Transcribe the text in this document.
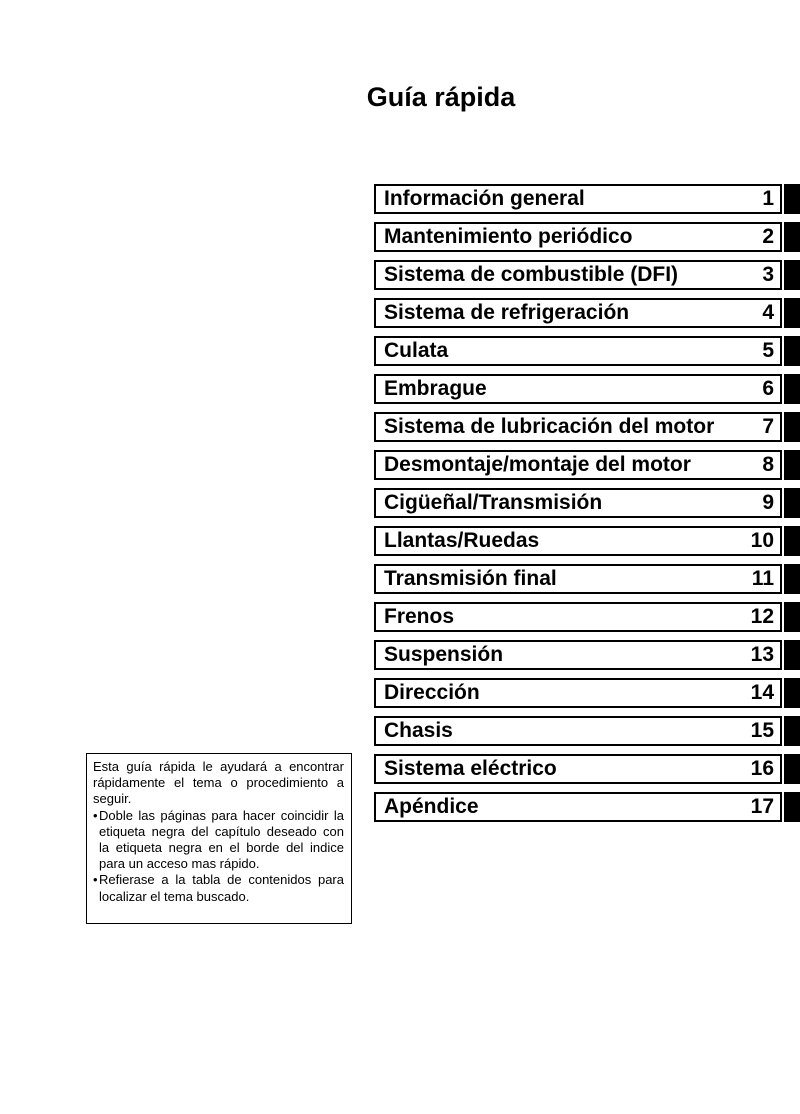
Guía rápida
Información general	1
Mantenimiento periódico	2
Sistema de combustible (DFI)	3
Sistema de refrigeración	4
Culata	5
Embrague	6
Sistema de lubricación del motor 7
Desmontaje/montaje del motor	8
Cigüeñal/Transmisión	9
Llantas/Ruedas	10
Transmisión final	11
Frenos	12
Suspensión	13
Dirección	14
Chasis	15
Sistema eléctrico	16
Apéndice	17
Esta guía rápida le ayudará a encontrar rápidamente el tema o procedimiento a seguir.
• Doble las páginas para hacer coincidir la etiqueta negra del capítulo deseado con la etiqueta negra en el borde del indice para un acceso mas rápido.
• Refierase a la tabla de contenidos para localizar el tema buscado.
